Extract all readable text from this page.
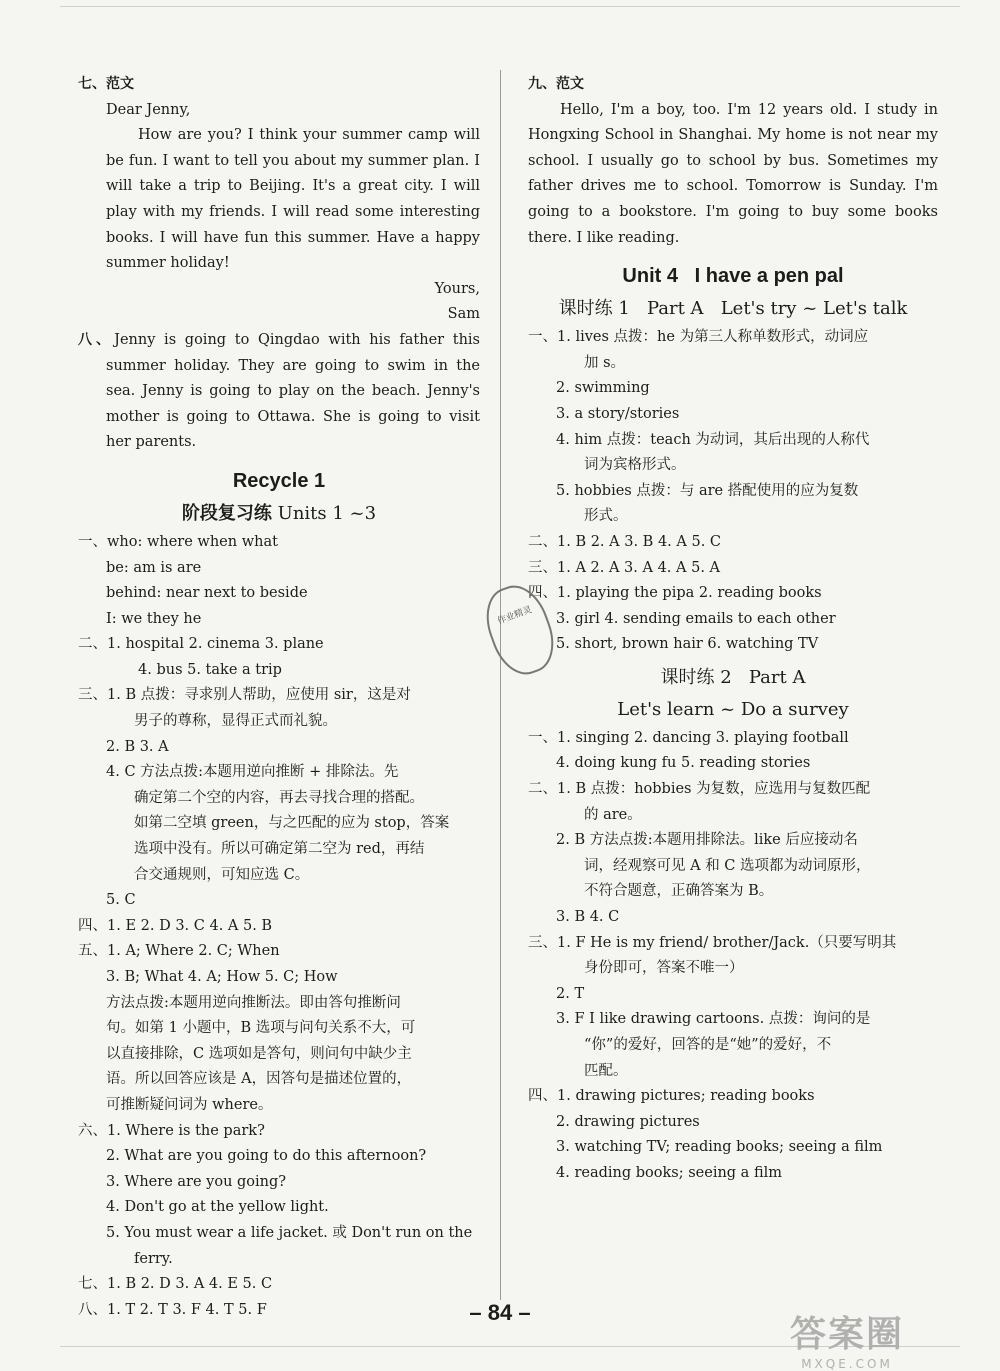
七、范文
Dear Jenny,
How are you? I think your summer camp will be fun. I want to tell you about my summer plan. I will take a trip to Beijing. It's a great city. I will play with my friends. I will read some interesting books. I will have fun this summer. Have a happy summer holiday!
Yours,
Sam
八、Jenny is going to Qingdao with his father this summer holiday. They are going to swim in the sea. Jenny is going to play on the beach. Jenny's mother is going to Ottawa. She is going to visit her parents.
Recycle 1
阶段复习练 Units 1 ~3
一、who: where when what
be: am is are
behind: near next to beside
I: we they he
二、1. hospital 2. cinema 3. plane
4. bus 5. take a trip
三、1. B 点拨：寻求别人帮助，应使用 sir，这是对
男子的尊称，显得正式而礼貌。
2. B 3. A
4. C 方法点拨:本题用逆向推断 + 排除法。先
确定第二个空的内容，再去寻找合理的搭配。
如第二空填 green，与之匹配的应为 stop，答案
选项中没有。所以可确定第二空为 red，再结
合交通规则，可知应选 C。
5. C
四、1. E 2. D 3. C 4. A 5. B
五、1. A; Where 2. C; When
3. B; What 4. A; How 5. C; How
方法点拨:本题用逆向推断法。即由答句推断问
句。如第 1 小题中，B 选项与问句关系不大，可
以直接排除，C 选项如是答句，则问句中缺少主
语。所以回答应该是 A，因答句是描述位置的，
可推断疑问词为 where。
六、1. Where is the park?
2. What are you going to do this afternoon?
3. Where are you going?
4. Don't go at the yellow light.
5. You must wear a life jacket. 或 Don't run on the
ferry.
七、1. B 2. D 3. A 4. E 5. C
八、1. T 2. T 3. F 4. T 5. F
九、范文
Hello, I'm a boy, too. I'm 12 years old. I study in Hongxing School in Shanghai. My home is not near my school. I usually go to school by bus. Sometimes my father drives me to school. Tomorrow is Sunday. I'm going to a bookstore. I'm going to buy some books there. I like reading.
Unit 4   I have a pen pal
课时练 1   Part A   Let's try ~ Let's talk
一、1. lives 点拨：he 为第三人称单数形式，动词应
加 s。
2. swimming
3. a story/stories
4. him 点拨：teach 为动词，其后出现的人称代
词为宾格形式。
5. hobbies 点拨：与 are 搭配使用的应为复数
形式。
二、1. B 2. A 3. B 4. A 5. C
三、1. A 2. A 3. A 4. A 5. A
四、1. playing the pipa 2. reading books
3. girl 4. sending emails to each other
5. short, brown hair 6. watching TV
课时练 2   Part A
Let's learn ~ Do a survey
一、1. singing 2. dancing 3. playing football
4. doing kung fu 5. reading stories
二、1. B 点拨：hobbies 为复数，应选用与复数匹配
的 are。
2. B 方法点拨:本题用排除法。like 后应接动名
词，经观察可见 A 和 C 选项都为动词原形，
不符合题意，正确答案为 B。
3. B 4. C
三、1. F He is my friend/ brother/Jack.（只要写明其
身份即可，答案不唯一）
2. T
3. F I like drawing cartoons. 点拨：询问的是
“你”的爱好，回答的是“她”的爱好，不
匹配。
四、1. drawing pictures; reading books
2. drawing pictures
3. watching TV; reading books; seeing a film
4. reading books; seeing a film
作业精灵
– 84 –
答案圈
MXQE.COM
